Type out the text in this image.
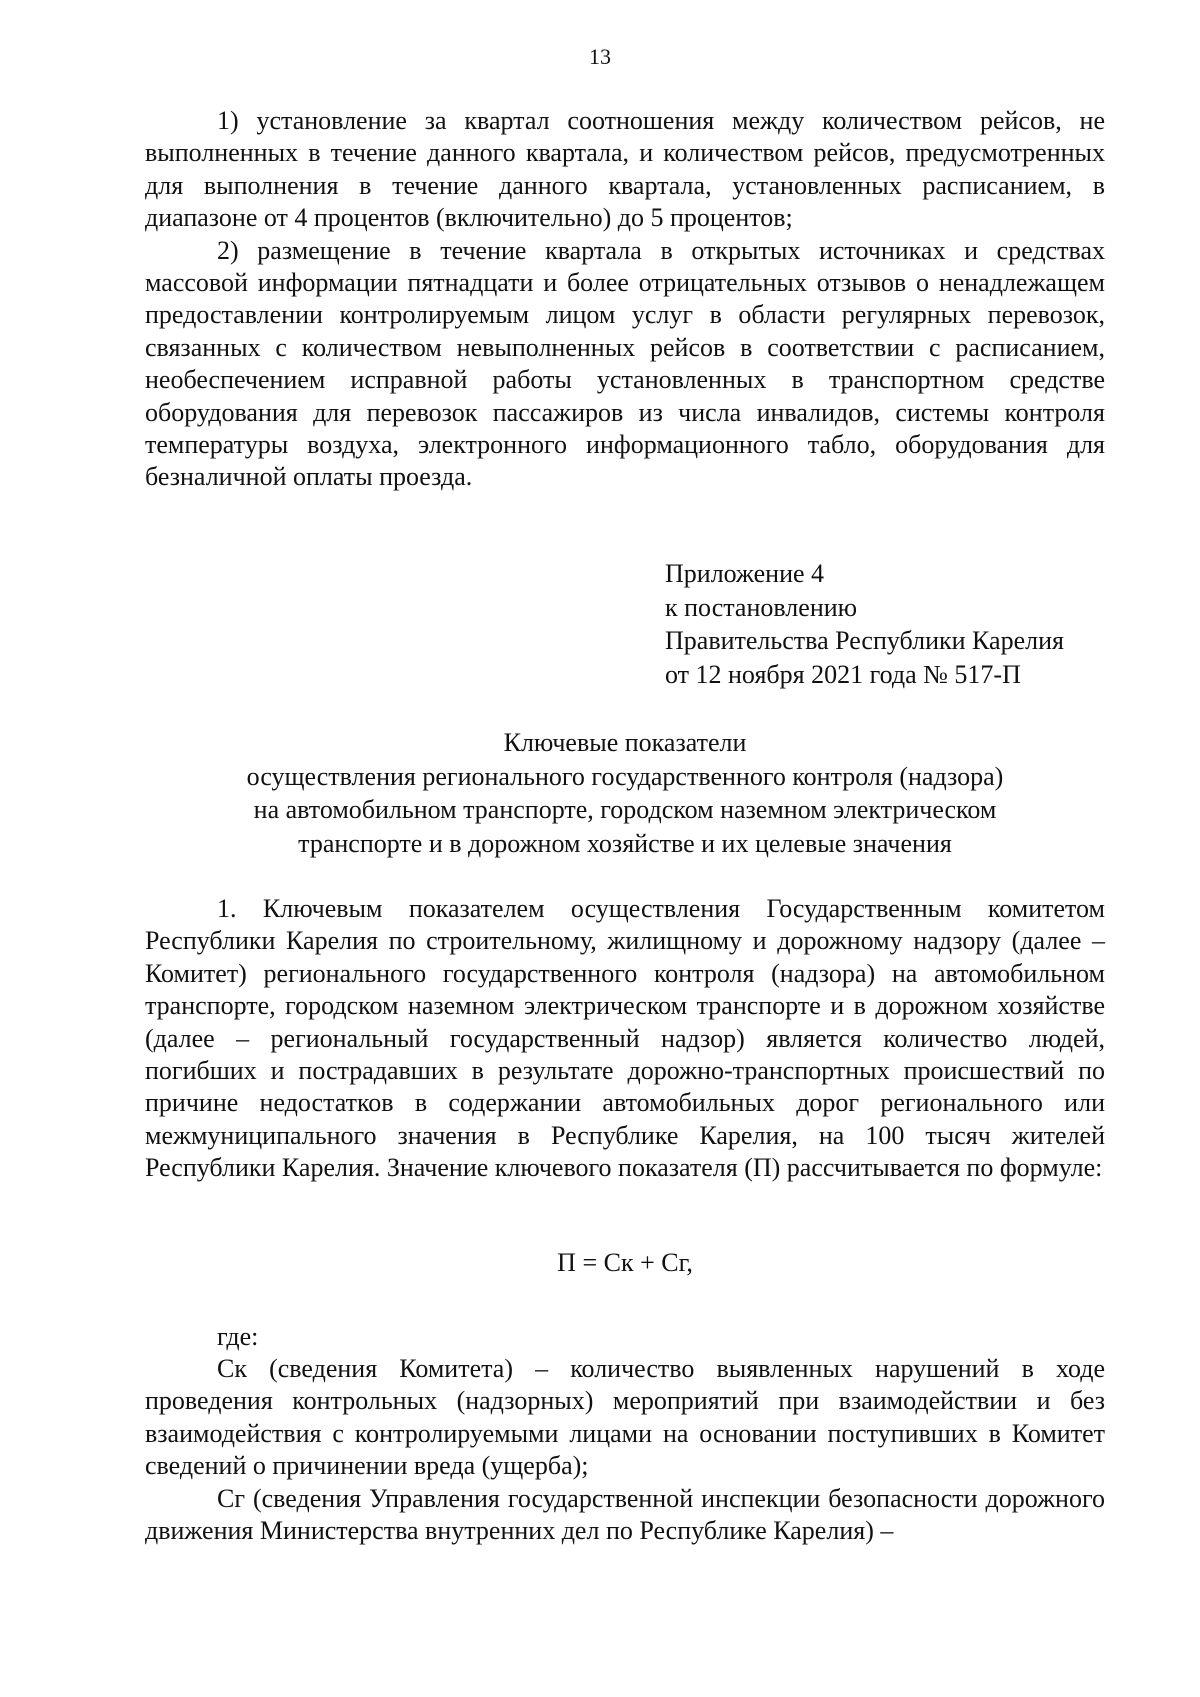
13

1) установление за квартал соотношения между количеством рейсов, не выполненных в течение данного квартала, и количеством рейсов, предусмотренных для выполнения в течение данного квартала, установленных расписанием, в диапазоне от 4 процентов (включительно) до 5 процентов;

2) размещение в течение квартала в открытых источниках и средствах массовой информации пятнадцати и более отрицательных отзывов о ненадлежащем предоставлении контролируемым лицом услуг в области регулярных перевозок, связанных с количеством невыполненных рейсов в соответствии с расписанием, необеспечением исправной работы установленных в транспортном средстве оборудования для перевозок пассажиров из числа инвалидов, системы контроля температуры воздуха, электронного информационного табло, оборудования для безналичной оплаты проезда.

Приложение 4
к постановлению
Правительства Республики Карелия
от 12 ноября 2021 года № 517-П
Ключевые показатели
осуществления регионального государственного контроля (надзора)
на автомобильном транспорте, городском наземном электрическом
транспорте и в дорожном хозяйстве и их целевые значения

1. Ключевым показателем осуществления Государственным комитетом Республики Карелия по строительному, жилищному и дорожному надзору (далее – Комитет) регионального государственного контроля (надзора) на автомобильном транспорте, городском наземном электрическом транспорте и в дорожном хозяйстве (далее – региональный государственный надзор) является количество людей, погибших и пострадавших в результате дорожно-транспортных происшествий по причине недостатков в содержании автомобильных дорог регионального или межмуниципального значения в Республике Карелия, на 100 тысяч жителей Республики Карелия. Значение ключевого показателя (П) рассчитывается по формуле:

П = Ск + Сг,
где:

Ск (сведения Комитета) – количество выявленных нарушений в ходе проведения контрольных (надзорных) мероприятий при взаимодействии и без взаимодействия с контролируемыми лицами на основании поступивших в Комитет сведений о причинении вреда (ущерба);

Сг (сведения Управления государственной инспекции безопасности дорожного движения Министерства внутренних дел по Республике Карелия) –
